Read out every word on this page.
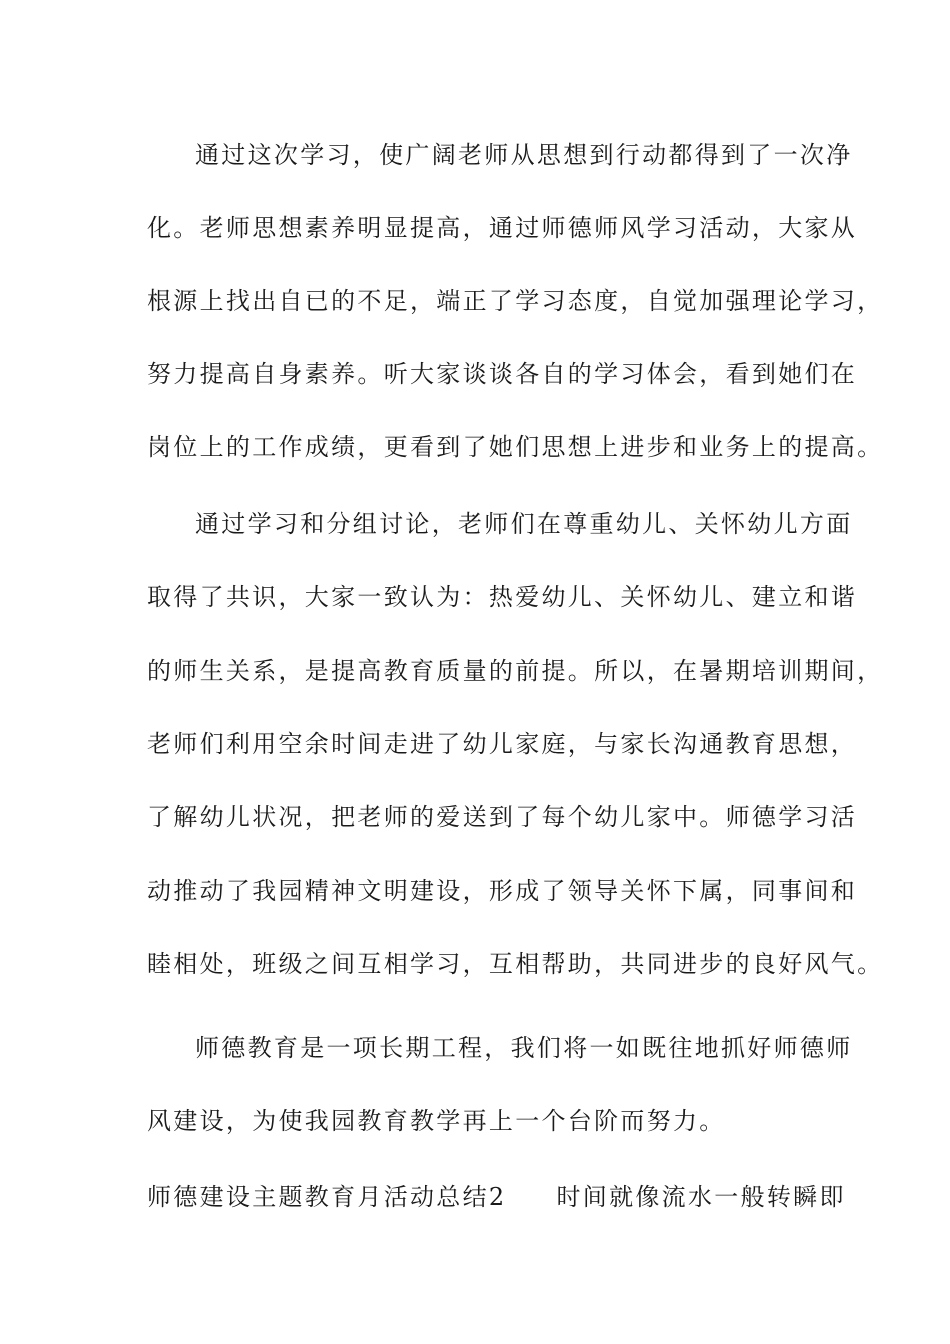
通过这次学习，使广阔老师从思想到行动都得到了一次净
化。老师思想素养明显提高，通过师德师风学习活动，大家从
根源上找出自已的不足，端正了学习态度，自觉加强理论学习，
努力提高自身素养。听大家谈谈各自的学习体会，看到她们在
岗位上的工作成绩，更看到了她们思想上进步和业务上的提高。
通过学习和分组讨论，老师们在尊重幼儿、关怀幼儿方面
取得了共识，大家一致认为：热爱幼儿、关怀幼儿、建立和谐
的师生关系，是提高教育质量的前提。所以，在暑期培训期间，
老师们利用空余时间走进了幼儿家庭，与家长沟通教育思想，
了解幼儿状况，把老师的爱送到了每个幼儿家中。师德学习活
动推动了我园精神文明建设，形成了领导关怀下属，同事间和
睦相处，班级之间互相学习，互相帮助，共同进步的良好风气。
师德教育是一项长期工程，我们将一如既往地抓好师德师
风建设，为使我园教育教学再上一个台阶而努力。
师德建设主题教育月活动总结2 时间就像流水一般转瞬即
